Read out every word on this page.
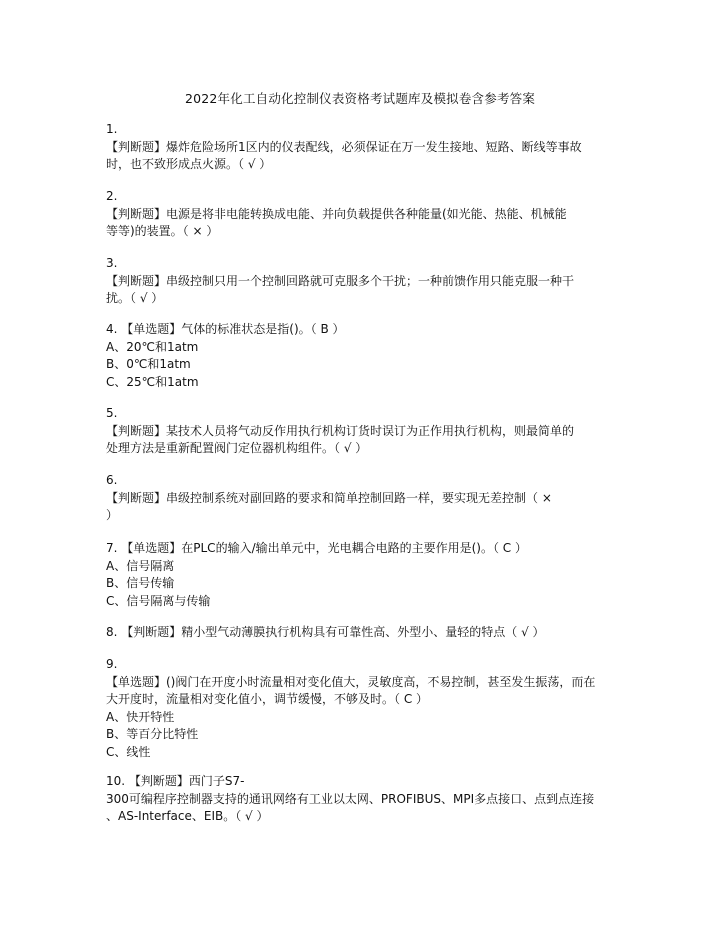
2022年化工自动化控制仪表资格考试题库及模拟卷含参考答案
1.
【判断题】爆炸危险场所1区内的仪表配线，必须保证在万一发生接地、短路、断线等事故
时，也不致形成点火源。（ √ ）
2.
【判断题】电源是将非电能转换成电能、并向负载提供各种能量(如光能、热能、机械能
等等)的装置。（ × ）
3.
【判断题】串级控制只用一个控制回路就可克服多个干扰；一种前馈作用只能克服一种干
扰。（ √ ）
4. 【单选题】气体的标准状态是指()。（ B ）
A、20℃和1atm
B、0℃和1atm
C、25℃和1atm
5.
【判断题】某技术人员将气动反作用执行机构订货时误订为正作用执行机构，则最简单的
处理方法是重新配置阀门定位器机构组件。（ √ ）
6.
【判断题】串级控制系统对副回路的要求和简单控制回路一样，要实现无差控制（ ×
）
7. 【单选题】在PLC的输入/输出单元中，光电耦合电路的主要作用是()。（ C ）
A、信号隔离
B、信号传输
C、信号隔离与传输
8. 【判断题】精小型气动薄膜执行机构具有可靠性高、外型小、量轻的特点（ √ ）
9.
【单选题】()阀门在开度小时流量相对变化值大，灵敏度高，不易控制，甚至发生振荡，而在
大开度时，流量相对变化值小，调节缓慢，不够及时。（ C ）
A、快开特性
B、等百分比特性
C、线性
10. 【判断题】西门子S7-
300可编程序控制器支持的通讯网络有工业以太网、PROFIBUS、MPI多点接口、点到点连接
、AS-Interface、EIB。（ √ ）
